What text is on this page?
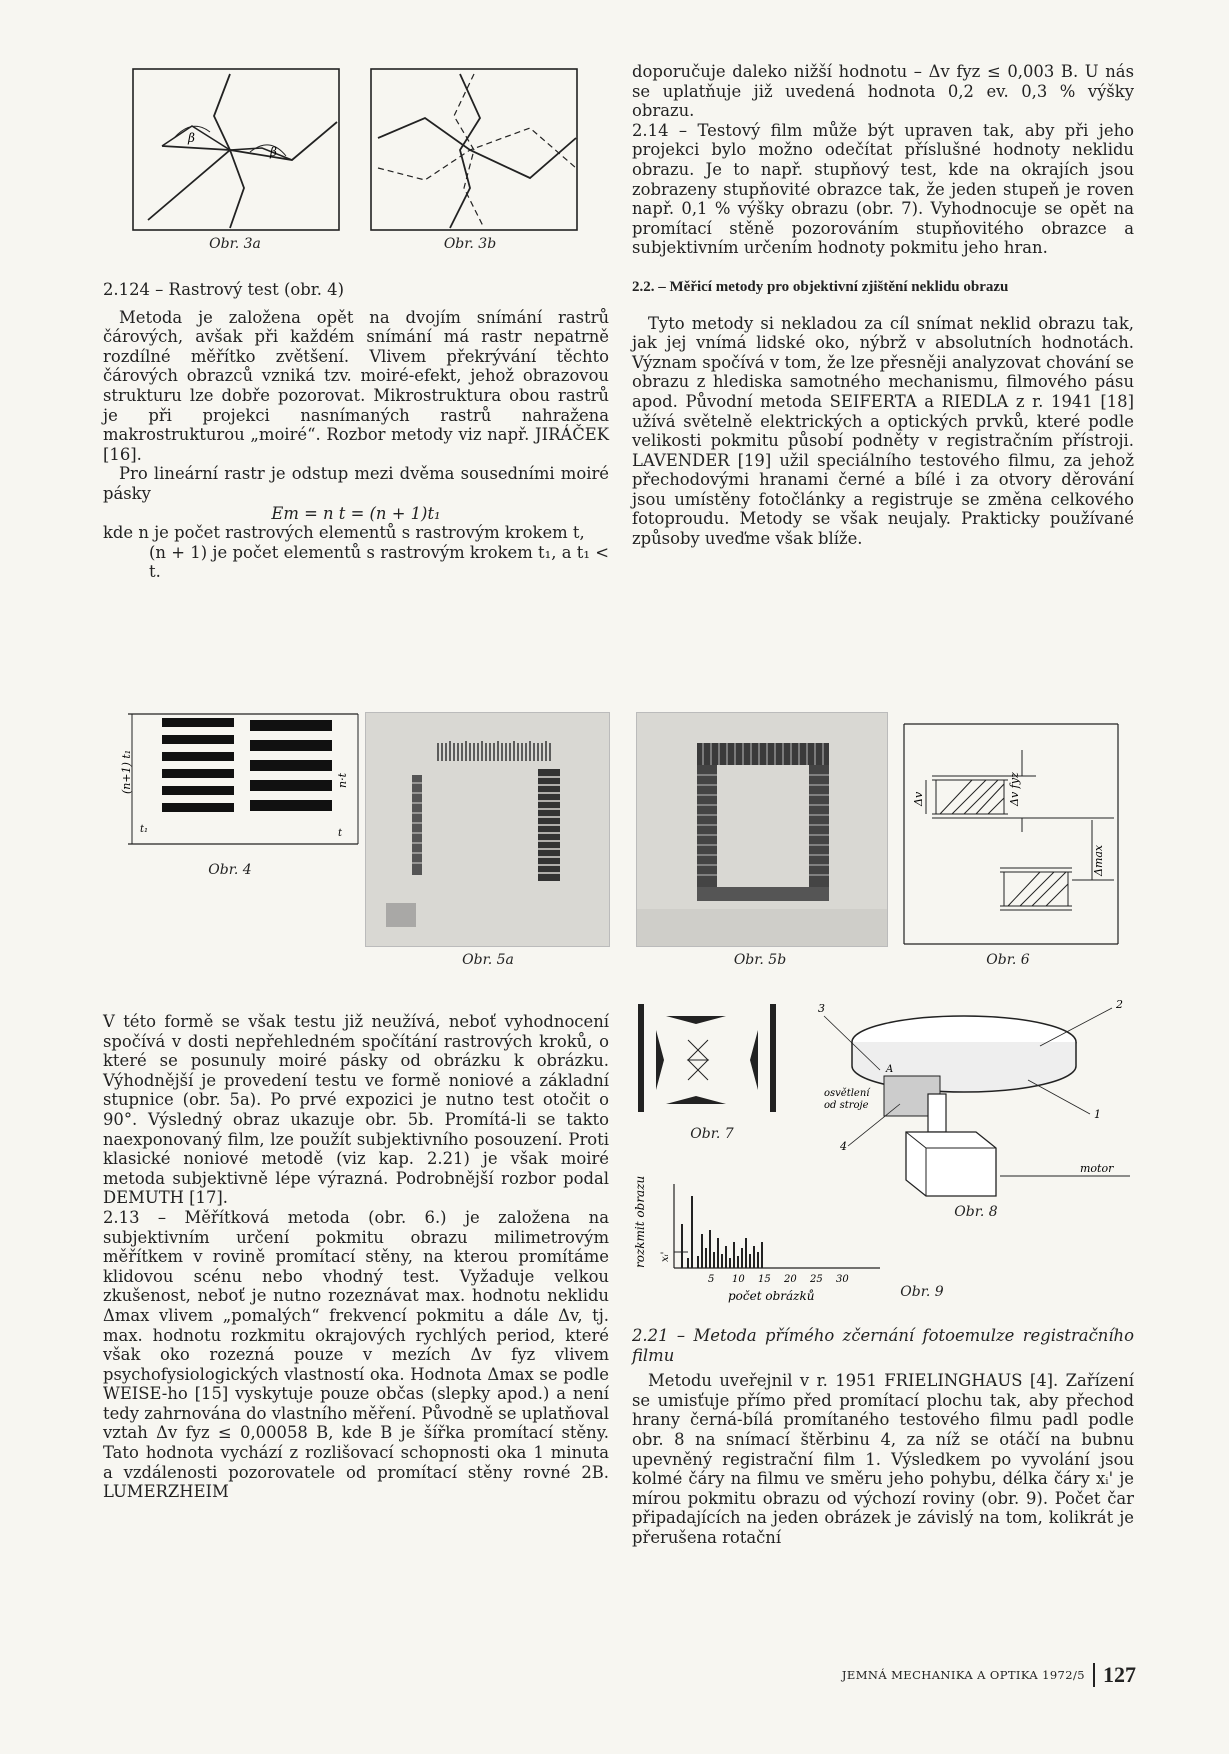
β
β
Obr. 3a	Obr. 3b

2.124 – Rastrový test (obr. 4)

Metoda je založena opět na dvojím snímání rastrů čárových, avšak při každém snímání má rastr nepatrně rozdílné měřítko zvětšení. Vlivem překrývání těchto čárových obrazců vzniká tzv. moiré-efekt, jehož obrazovou strukturu lze dobře pozorovat. Mikrostruktura obou rastrů je při projekci nasnímaných rastrů nahražena makrostrukturou „moiré“. Rozbor metody viz např. JIRÁČEK [16].

Pro lineární rastr je odstup mezi dvěma sousedními moiré pásky

Em = n t = (n + 1)t₁

kde n je počet rastrových elementů s rastrovým krokem t,

(n + 1) je počet elementů s rastrovým krokem t₁, a t₁ < t.

doporučuje daleko nižší hodnotu – Δv fyz ≤ 0,003 B. U nás se uplatňuje již uvedená hodnota 0,2 ev. 0,3 % výšky obrazu.

2.14 – Testový film může být upraven tak, aby při jeho projekci bylo možno odečítat příslušné hodnoty neklidu obrazu. Je to např. stupňový test, kde na okrajích jsou zobrazeny stupňovité obrazce tak, že jeden stupeň je roven např. 0,1 % výšky obrazu (obr. 7). Vyhodnocuje se opět na promítací stěně pozorováním stupňovitého obrazce a subjektivním určením hodnoty pokmitu jeho hran.

2.2. – Měřicí metody pro objektivní zjištění neklidu obrazu

Tyto metody si nekladou za cíl snímat neklid obrazu tak, jak jej vnímá lidské oko, nýbrž v absolutních hodnotách. Význam spočívá v tom, že lze přesněji analyzovat chování se obrazu z hlediska samotného mechanismu, filmového pásu apod. Původní metoda SEIFERTA a RIEDLA z r. 1941 [18] užívá světelně elektrických a optických prvků, které podle velikosti pokmitu působí podněty v registračním přístroji. LAVENDER [19] užil speciálního testového filmu, za jehož přechodovými hranami černé a bílé i za otvory děrování jsou umístěny fotočlánky a registruje se změna celkového fotoproudu. Metody se však neujaly. Prakticky používané způsoby uveďme však blíže.

(n+1) t₁	n·t
t₁	t
Obr. 4
Obr. 5a	Obr. 5b
Δv	Δv fyz
Δmax
Obr. 6

V této formě se však testu již neužívá, neboť vyhodnocení spočívá v dosti nepřehledném spočítání rastrových kroků, o které se posunuly moiré pásky od obrázku k obrázku. Výhodnější je provedení testu ve formě noniové a základní stupnice (obr. 5a). Po prvé expozici je nutno test otočit o 90°. Výsledný obraz ukazuje obr. 5b. Promítá-li se takto naexponovaný film, lze použít subjektivního posouzení. Proti klasické noniové metodě (viz kap. 2.21) je však moiré metoda subjektivně lépe výrazná. Podrobnější rozbor podal DEMUTH [17].

2.13 – Měřítková metoda (obr. 6.) je založena na subjektivním určení pokmitu obrazu milimetrovým měřítkem v rovině promítací stěny, na kterou promítáme klidovou scénu nebo vhodný test. Vyžaduje velkou zkušenost, neboť je nutno rozeznávat max. hodnotu neklidu Δmax vlivem „pomalých“ frekvencí pokmitu a dále Δv, tj. max. hodnotu rozkmitu okrajových rychlých period, které však oko rozezná pouze v mezích Δv fyz vlivem psychofysiologických vlastností oka. Hodnota Δmax se podle WEISE-ho [15] vyskytuje pouze občas (slepky apod.) a není tedy zahrnována do vlastního měření. Původně se uplatňoval vztah Δv fyz ≤ 0,00058 B, kde B je šířka promítací stěny. Tato hodnota vychází z rozlišovací schopnosti oka 1 minuta a vzdálenosti pozorovatele od promítací stěny rovné 2B. LUMERZHEIM

Obr. 7
3	2
1
4
A
osvětlení
od stroje
motor
Obr. 8
rozkmit obrazu xᵢ'
5 10 15 20 25 30
počet obrázků	Obr. 9

2.21 – Metoda přímého zčernání fotoemulze registračního filmu

Metodu uveřejnil v r. 1951 FRIELINGHAUS [4]. Zařízení se umisťuje přímo před promítací plochu tak, aby přechod hrany černá-bílá promítaného testového filmu padl podle obr. 8 na snímací štěrbinu 4, za níž se otáčí na bubnu upevněný registrační film 1. Výsledkem po vyvolání jsou kolmé čáry na filmu ve směru jeho pohybu, délka čáry xᵢ' je mírou pokmitu obrazu od výchozí roviny (obr. 9). Počet čar připadajících na jeden obrázek je závislý na tom, kolikrát je přerušena rotační

JEMNÁ MECHANIKA A OPTIKA 1972/5 127
